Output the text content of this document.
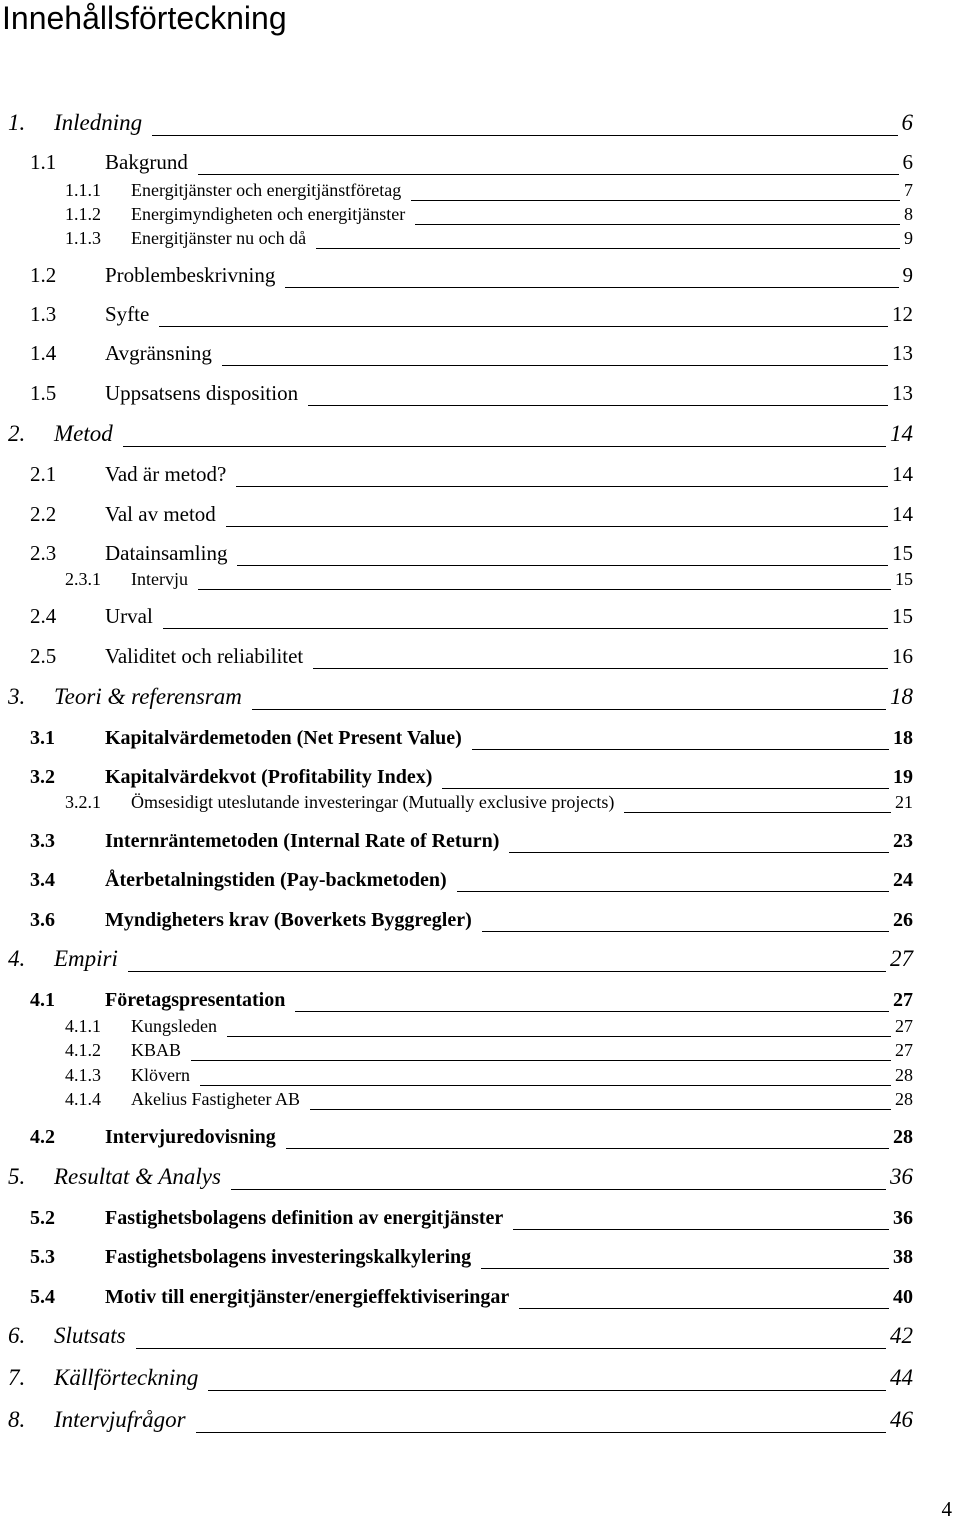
Innehållsförteckning
1. Inledning	6
1.1 Bakgrund	6
1.1.1 Energitjänster och energitjänstföretag	7
1.1.2 Energimyndigheten och energitjänster	8
1.1.3 Energitjänster nu och då	9
1.2 Problembeskrivning	9
1.3 Syfte	12
1.4 Avgränsning	13
1.5 Uppsatsens disposition	13
2. Metod	14
2.1 Vad är metod?	14
2.2 Val av metod	14
2.3 Datainsamling	15
2.3.1 Intervju	15
2.4 Urval	15
2.5 Validitet och reliabilitet	16
3. Teori & referensram	18
3.1	Kapitalvärdemetoden (Net Present Value)	18
3.2	Kapitalvärdekvot (Profitability Index)	19
3.2.1 Ömsesidigt uteslutande investeringar (Mutually exclusive projects)	21
3.3	Internräntemetoden (Internal Rate of Return)	23
3.4	Återbetalningstiden (Pay-backmetoden)	24
3.6	Myndigheters krav (Boverkets Byggregler)	26
4. Empiri	27
4.1	Företagspresentation	27
4.1.1 Kungsleden	27
4.1.2 KBAB	27
4.1.3 Klövern	28
4.1.4 Akelius Fastigheter AB	28
4.2	Intervjuredovisning	28
5. Resultat & Analys	36
5.2	Fastighetsbolagens definition av energitjänster	36
5.3	Fastighetsbolagens investeringskalkylering	38
5.4	Motiv till energitjänster/energieffektiviseringar	40
6. Slutsats	42
7. Källförteckning	44
8. Intervjufrågor	46
4
